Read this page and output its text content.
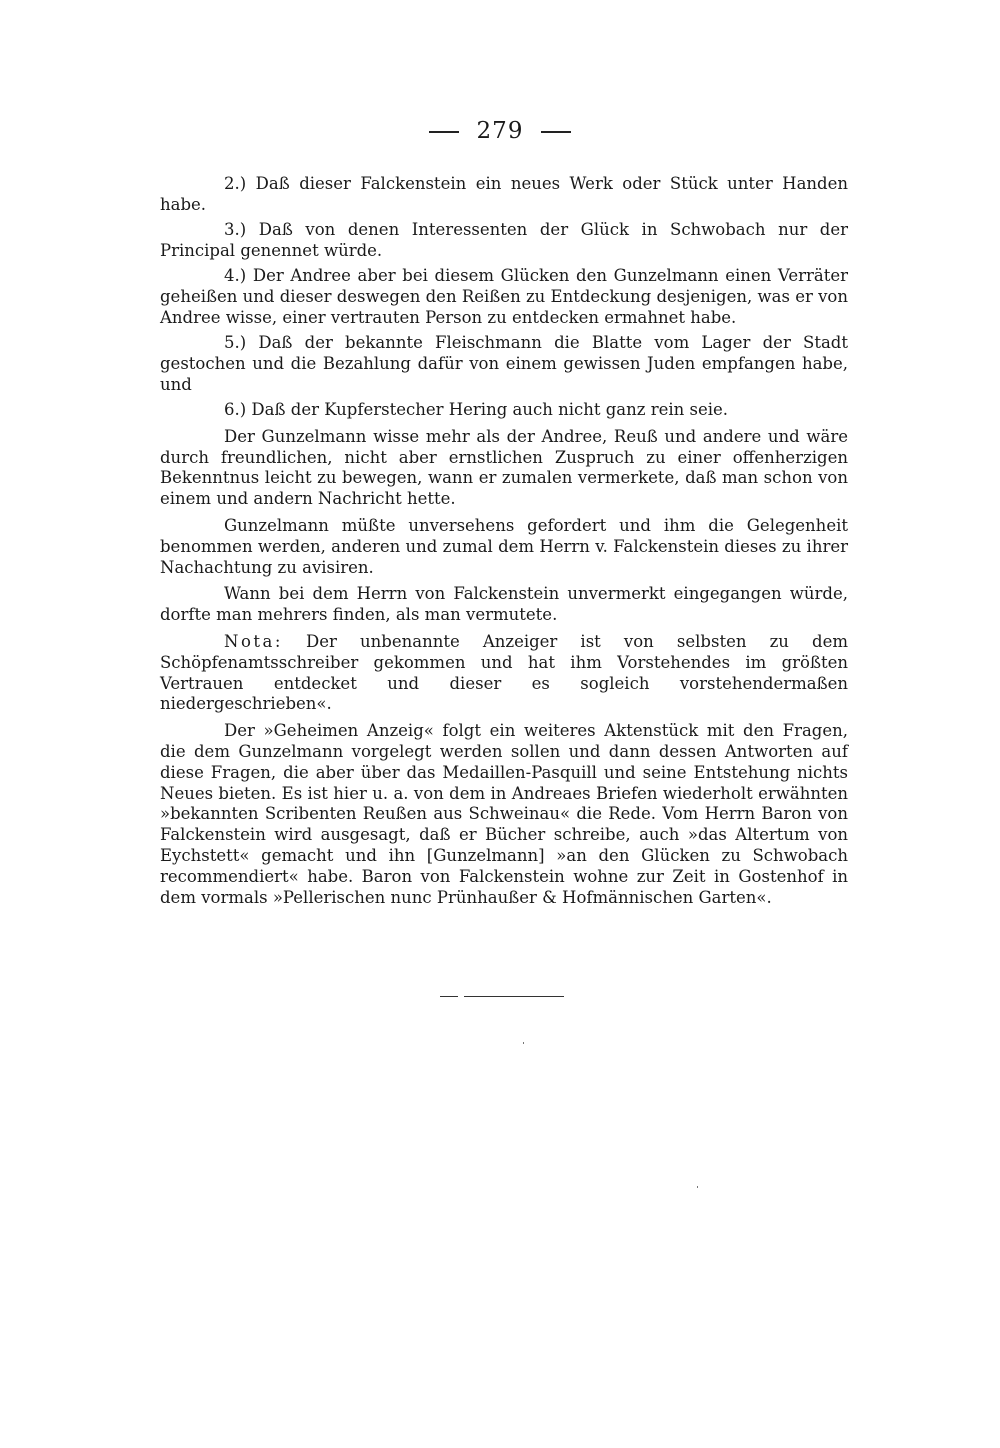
279

2.) Daß dieser Falckenstein ein neues Werk oder Stück unter Handen habe.

3.) Daß von denen Interessenten der Glück in Schwobach nur der Principal genennet würde.

4.) Der Andree aber bei diesem Glücken den Gunzelmann einen Verräter geheißen und dieser deswegen den Reißen zu Entdeckung desjenigen, was er von Andree wisse, einer vertrauten Person zu entdecken ermahnet habe.

5.) Daß der bekannte Fleischmann die Blatte vom Lager der Stadt gestochen und die Bezahlung dafür von einem gewissen Juden empfangen habe, und

6.) Daß der Kupferstecher Hering auch nicht ganz rein seie.

Der Gunzelmann wisse mehr als der Andree, Reuß und andere und wäre durch freundlichen, nicht aber ernstlichen Zuspruch zu einer offenherzigen Bekenntnus leicht zu bewegen, wann er zumalen vermerkete, daß man schon von einem und andern Nachricht hette.

Gunzelmann müßte unversehens gefordert und ihm die Gelegenheit benommen werden, anderen und zumal dem Herrn v. Falckenstein dieses zu ihrer Nachachtung zu avisiren.

Wann bei dem Herrn von Falckenstein unvermerkt eingegangen würde, dorfte man mehrers finden, als man vermutete.

Nota: Der unbenannte Anzeiger ist von selbsten zu dem Schöpfenamtsschreiber gekommen und hat ihm Vorstehendes im größten Vertrauen entdecket und dieser es sogleich vorstehendermaßen niedergeschrieben«.

Der »Geheimen Anzeig« folgt ein weiteres Aktenstück mit den Fragen, die dem Gunzelmann vorgelegt werden sollen und dann dessen Antworten auf diese Fragen, die aber über das Medaillen-Pasquill und seine Entstehung nichts Neues bieten. Es ist hier u. a. von dem in Andreaes Briefen wiederholt erwähnten »bekannten Scribenten Reußen aus Schweinau« die Rede. Vom Herrn Baron von Falckenstein wird ausgesagt, daß er Bücher schreibe, auch »das Altertum von Eychstett« gemacht und ihn [Gunzelmann] »an den Glücken zu Schwobach recommendiert« habe. Baron von Falckenstein wohne zur Zeit in Gostenhof in dem vormals »Pellerischen nunc Prünhaußer & Hofmännischen Garten«.
